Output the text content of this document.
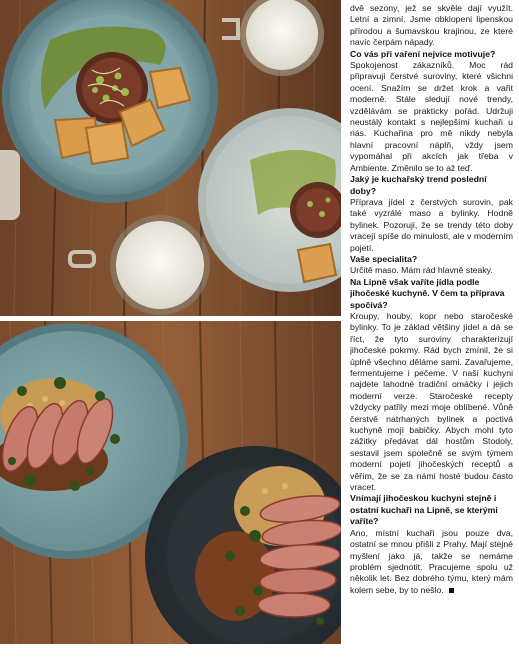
dvě sezony, jež se skvěle dají využít. Letní a zimní. Jsme obklopeni lipenskou přírodou a šumavskou krajinou, ze které navíc čerpám nápady.

Co vás při vaření nejvíce motivuje?

Spokojenost zákazníků. Moc rád připravuji čerstvé suroviny, které všichni ocení. Snažím se držet krok a vařit moderně. Stále sledují nové trendy, vzdělávám se prakticky pořád. Udržuji neustálý kontakt s nejlepšími kuchaři u nás. Kuchařina pro mě nikdy nebyla hlavní pracovní náplň, vždy jsem vypomáhal při akcích jak třeba v Ambiente. Změnilo se to až teď.

Jaký je kuchařský trend poslední doby?

Příprava jídel z čerstvých surovin, pak také vyzrálé maso a bylinky. Hodně bylinek. Pozoruji, že se trendy této doby vracejí spíše do minulosti, ale v moderním pojetí.

Vaše specialita?

Určitě maso. Mám rád hlavně steaky.

Na Lipně však vaříte jídla podle jihočeské kuchyně. V čem ta příprava spočívá?

Kroupy, houby, kopr nebo staročeské bylinky. To je základ většiny jídel a dá se říct, že tyto suroviny charakterizují jihočeské pokrmy. Rád bych zmínil, že si úplně všechno děláme sami. Zavařujeme, fermentujeme i pečeme. V naší kuchyni najdete lahodné tradiční omáčky i jejich moderní verze. Staročeské recepty vždycky patřily mezi moje oblíbené. Vůně čerstvě natrhaných bylinek a poctivá kuchyně mojí babičky. Abych mohl tyto zážitky předávat dál hostům Stodoly, sestavil jsem společně se svým týmem moderní pojetí jihočeských receptů a věřím, že se za námi hosté budou často vracet.

Vnímají jihočeskou kuchyni stejně i ostatní kuchaři na Lipně, se kterými vaříte?

Ano, místní kuchaři jsou pouze dva, ostatní se mnou přišli z Prahy. Mají stejné myšlení jako já, takže se nemáme problém sjednotit. Pracujeme spolu už několik let. Bez dobrého týmu, který mám kolem sebe, by to nešlo.
